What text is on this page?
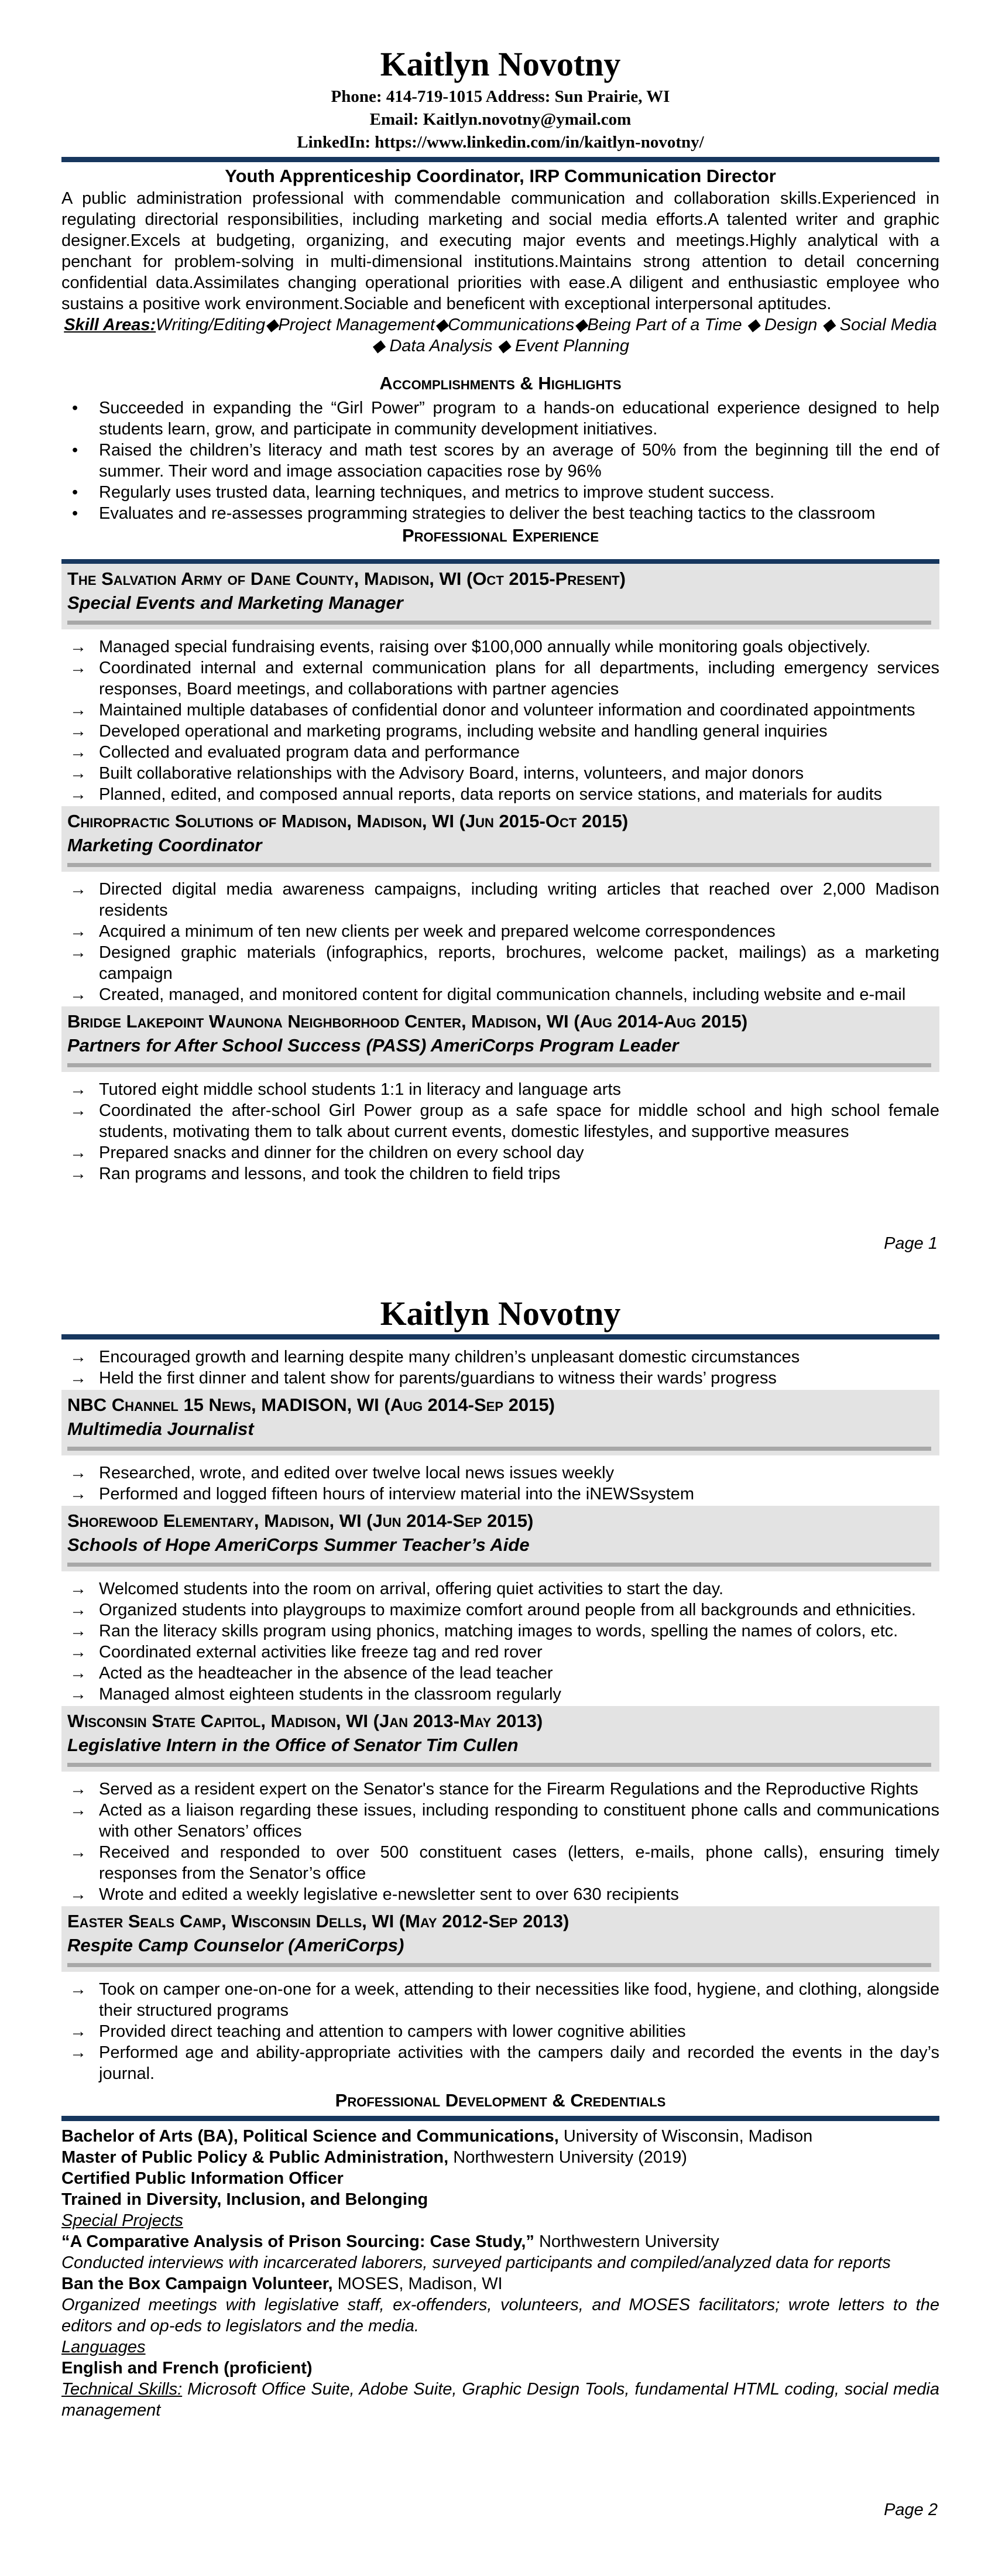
Kaitlyn Novotny

Phone: 414-719-1015 Address: Sun Prairie, WI

Email: Kaitlyn.novotny@ymail.com

LinkedIn: https://www.linkedin.com/in/kaitlyn-novotny/

Youth Apprenticeship Coordinator, IRP Communication Director

A public administration professional with commendable communication and collaboration skills.Experienced in regulating directorial responsibilities, including marketing and social media efforts.A talented writer and graphic designer.Excels at budgeting, organizing, and executing major events and meetings.Highly analytical with a penchant for problem-solving in multi-dimensional institutions.Maintains strong attention to detail concerning confidential data.Assimilates changing operational priorities with ease.A diligent and enthusiastic employee who sustains a positive work environment.Sociable and beneficent with exceptional interpersonal aptitudes.

Skill Areas:Writing/Editing◆Project Management◆Communications◆Being Part of a Time ◆ Design ◆ Social Media ◆ Data Analysis ◆ Event Planning

Accomplishments & Highlights
• Succeeded in expanding the “Girl Power” program to a hands-on educational experience designed to help students learn, grow, and participate in community development initiatives.
• Raised the children’s literacy and math test scores by an average of 50% from the beginning till the end of summer. Their word and image association capacities rose by 96%
• Regularly uses trusted data, learning techniques, and metrics to improve student success.
• Evaluates and re-assesses programming strategies to deliver the best teaching tactics to the classroom
Professional Experience
The Salvation Army of Dane County, Madison, WI (Oct 2015-Present)

Special Events and Marketing Manager

→ Managed special fundraising events, raising over $100,000 annually while monitoring goals objectively.
→ Coordinated internal and external communication plans for all departments, including emergency services responses, Board meetings, and collaborations with partner agencies
→ Maintained multiple databases of confidential donor and volunteer information and coordinated appointments
→ Developed operational and marketing programs, including website and handling general inquiries
→ Collected and evaluated program data and performance
→ Built collaborative relationships with the Advisory Board, interns, volunteers, and major donors
→ Planned, edited, and composed annual reports, data reports on service stations, and materials for audits
Chiropractic Solutions of Madison, Madison, WI (Jun 2015-Oct 2015)

Marketing Coordinator

→ Directed digital media awareness campaigns, including writing articles that reached over 2,000 Madison residents
→ Acquired a minimum of ten new clients per week and prepared welcome correspondences
→ Designed graphic materials (infographics, reports, brochures, welcome packet, mailings) as a marketing campaign
→ Created, managed, and monitored content for digital communication channels, including website and e-mail
Bridge Lakepoint Waunona Neighborhood Center, Madison, WI (Aug 2014-Aug 2015)

Partners for After School Success (PASS) AmeriCorps Program Leader

→ Tutored eight middle school students 1:1 in literacy and language arts
→ Coordinated the after-school Girl Power group as a safe space for middle school and high school female students, motivating them to talk about current events, domestic lifestyles, and supportive measures
→ Prepared snacks and dinner for the children on every school day
→ Ran programs and lessons, and took the children to field trips
Page 1
Kaitlyn Novotny
→ Encouraged growth and learning despite many children’s unpleasant domestic circumstances
→ Held the first dinner and talent show for parents/guardians to witness their wards’ progress
NBC Channel 15 News, MADISON, WI (Aug 2014-Sep 2015)

Multimedia Journalist

→ Researched, wrote, and edited over twelve local news issues weekly
→ Performed and logged fifteen hours of interview material into the iNEWSsystem
Shorewood Elementary, Madison, WI (Jun 2014-Sep 2015)

Schools of Hope AmeriCorps Summer Teacher’s Aide

→ Welcomed students into the room on arrival, offering quiet activities to start the day.
→ Organized students into playgroups to maximize comfort around people from all backgrounds and ethnicities.
→ Ran the literacy skills program using phonics, matching images to words, spelling the names of colors, etc.
→ Coordinated external activities like freeze tag and red rover
→ Acted as the headteacher in the absence of the lead teacher
→ Managed almost eighteen students in the classroom regularly
Wisconsin State Capitol, Madison, WI (Jan 2013-May 2013)

Legislative Intern in the Office of Senator Tim Cullen

→ Served as a resident expert on the Senator's stance for the Firearm Regulations and the Reproductive Rights
→ Acted as a liaison regarding these issues, including responding to constituent phone calls and communications with other Senators’ offices
→ Received and responded to over 500 constituent cases (letters, e-mails, phone calls), ensuring timely responses from the Senator’s office
→ Wrote and edited a weekly legislative e-newsletter sent to over 630 recipients
Easter Seals Camp, Wisconsin Dells, WI (May 2012-Sep 2013)

Respite Camp Counselor (AmeriCorps)

→ Took on camper one-on-one for a week, attending to their necessities like food, hygiene, and clothing, alongside their structured programs
→ Provided direct teaching and attention to campers with lower cognitive abilities
→ Performed age and ability-appropriate activities with the campers daily and recorded the events in the day’s journal.
Professional Development & Credentials

Bachelor of Arts (BA), Political Science and Communications, University of Wisconsin, Madison

Master of Public Policy & Public Administration, Northwestern University (2019)

Certified Public Information Officer

Trained in Diversity, Inclusion, and Belonging

Special Projects

“A Comparative Analysis of Prison Sourcing: Case Study,” Northwestern University

Conducted interviews with incarcerated laborers, surveyed participants and compiled/analyzed data for reports

Ban the Box Campaign Volunteer, MOSES, Madison, WI

Organized meetings with legislative staff, ex-offenders, volunteers, and MOSES facilitators; wrote letters to the editors and op-eds to legislators and the media.

Languages

English and French (proficient)

Technical Skills: Microsoft Office Suite, Adobe Suite, Graphic Design Tools, fundamental HTML coding, social media management

Page 2
